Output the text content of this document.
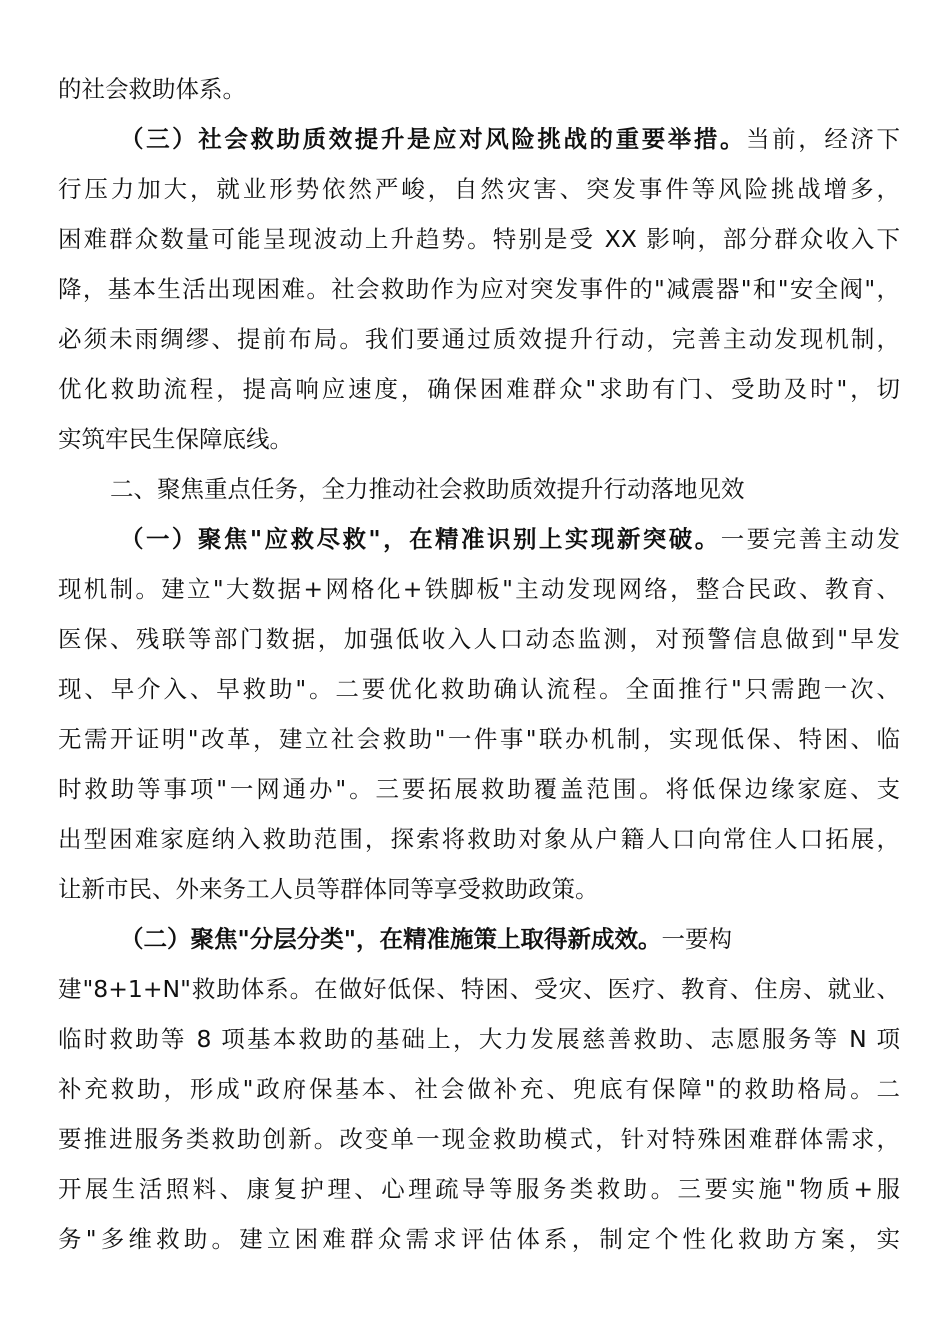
的社会救助体系。
（三）社会救助质效提升是应对风险挑战的重要举措。当前，经济下
行压力加大，就业形势依然严峻，自然灾害、突发事件等风险挑战增多，
困难群众数量可能呈现波动上升趋势。特别是受 XX 影响，部分群众收入下
降，基本生活出现困难。社会救助作为应对突发事件的"减震器"和"安全阀"，
必须未雨绸缪、提前布局。我们要通过质效提升行动，完善主动发现机制，
优化救助流程，提高响应速度，确保困难群众"求助有门、受助及时"，切
实筑牢民生保障底线。
二、聚焦重点任务，全力推动社会救助质效提升行动落地见效
（一）聚焦"应救尽救"，在精准识别上实现新突破。一要完善主动发
现机制。建立"大数据+网格化+铁脚板"主动发现网络，整合民政、教育、
医保、残联等部门数据，加强低收入人口动态监测，对预警信息做到"早发
现、早介入、早救助"。二要优化救助确认流程。全面推行"只需跑一次、
无需开证明"改革，建立社会救助"一件事"联办机制，实现低保、特困、临
时救助等事项"一网通办"。三要拓展救助覆盖范围。将低保边缘家庭、支
出型困难家庭纳入救助范围，探索将救助对象从户籍人口向常住人口拓展，
让新市民、外来务工人员等群体同等享受救助政策。
（二）聚焦"分层分类"，在精准施策上取得新成效。一要构
建"8+1+N"救助体系。在做好低保、特困、受灾、医疗、教育、住房、就业、
临时救助等 8 项基本救助的基础上，大力发展慈善救助、志愿服务等 N 项
补充救助，形成"政府保基本、社会做补充、兜底有保障"的救助格局。二
要推进服务类救助创新。改变单一现金救助模式，针对特殊困难群体需求，
开展生活照料、康复护理、心理疏导等服务类救助。三要实施"物质+服
务"多维救助。建立困难群众需求评估体系，制定个性化救助方案，实
